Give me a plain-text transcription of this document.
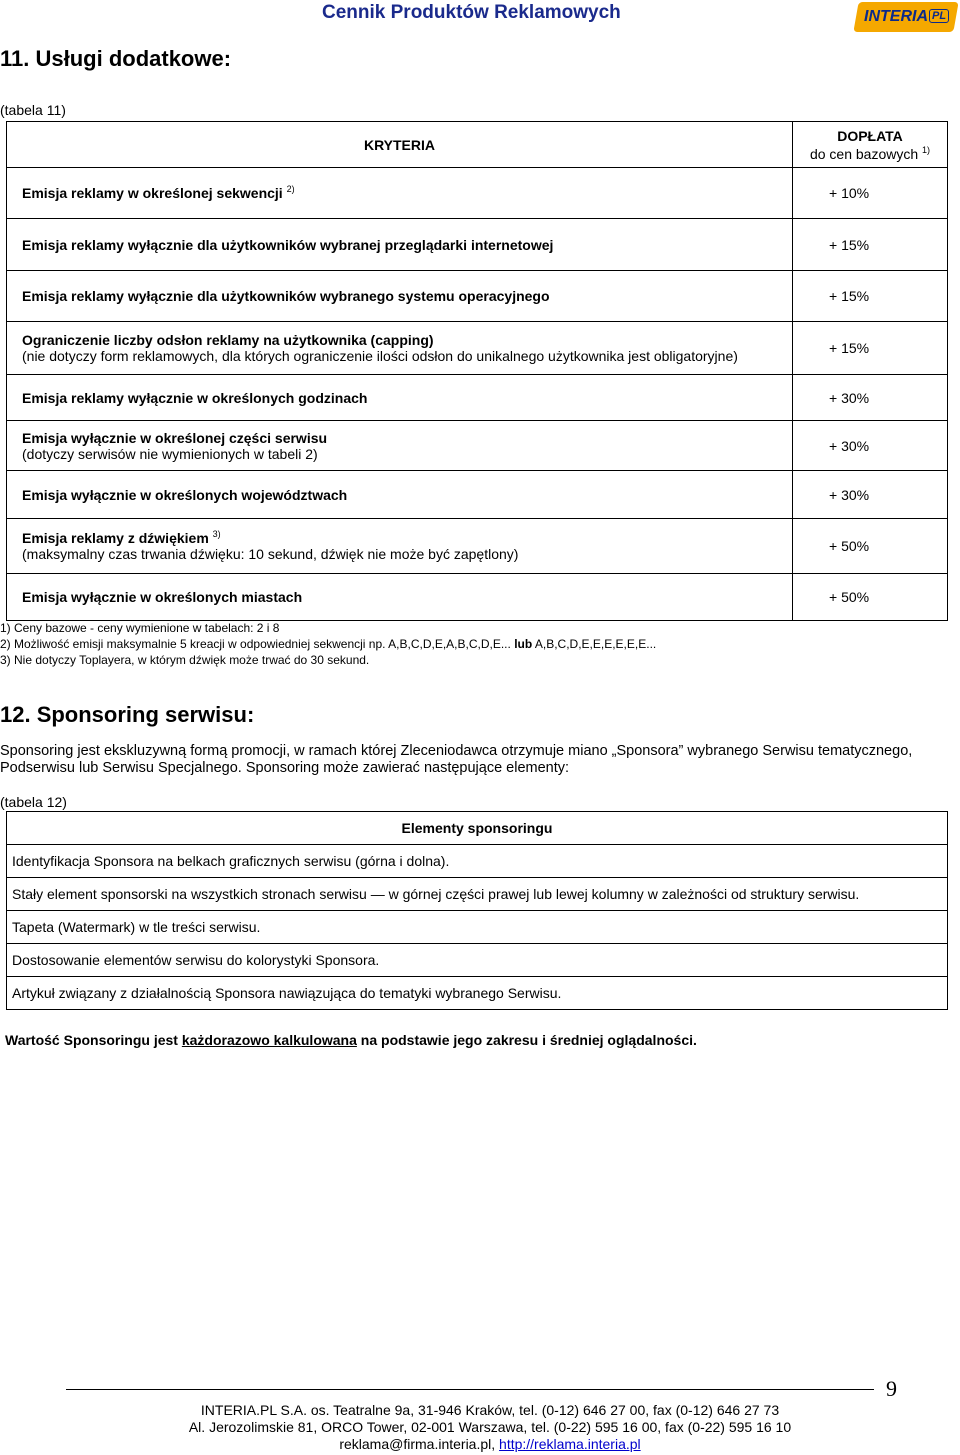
Cennik Produktów Reklamowych	INTERIA PL
11. Usługi dodatkowe:
(tabela 11)
KRYTERIA	DOPŁATA
do cen bazowych $^{1)}$

Emisja reklamy w określonej sekwencji $^{2)}$	+ 10%
Emisja reklamy wyłącznie dla użytkowników wybranej przeglądarki internetowej	+ 15%
Emisja reklamy wyłącznie dla użytkowników wybranego systemu operacyjnego	+ 15%

Ograniczenie liczby odsłon reklamy na użytkownika (capping)
(nie dotyczy form reklamowych, dla których ograniczenie ilości odsłon do unikalnego użytkownika jest obligatoryjne)	+ 15%
Emisja reklamy wyłącznie w określonych godzinach	+ 30%

Emisja wyłącznie w określonej części serwisu
(dotyczy serwisów nie wymienionych w tabeli 2)	+ 30%
Emisja wyłącznie w określonych województwach	+ 30%

Emisja reklamy z dźwiękiem $^{3)}$
(maksymalny czas trwania dźwięku: 10 sekund, dźwięk nie może być zapętlony)	+ 50%
Emisja wyłącznie w określonych miastach	+ 50%
1) Ceny bazowe - ceny wymienione w tabelach: 2 i 8
2) Możliwość emisji maksymalnie 5 kreacji w odpowiedniej sekwencji np. A,B,C,D,E,A,B,C,D,E... lub A,B,C,D,E,E,E,E,E,E...
3) Nie dotyczy Toplayera, w którym dźwięk może trwać do 30 sekund.
12. Sponsoring serwisu:
Sponsoring jest ekskluzywną formą promocji, w ramach której Zleceniodawca otrzymuje miano „Sponsora” wybranego Serwisu tematycznego, Podserwisu lub Serwisu Specjalnego. Sponsoring może zawierać następujące elementy:
(tabela 12)
Elementy sponsoringu
Identyfikacja Sponsora na belkach graficznych serwisu (górna i dolna).
Stały element sponsorski na wszystkich stronach serwisu — w górnej części prawej lub lewej kolumny w zależności od struktury serwisu.
Tapeta (Watermark) w tle treści serwisu.
Dostosowanie elementów serwisu do kolorystyki Sponsora.
Artykuł związany z działalnością Sponsora nawiązująca do tematyki wybranego Serwisu.
Wartość Sponsoringu jest każdorazowo kalkulowana na podstawie jego zakresu i średniej oglądalności.
9
INTERIA.PL S.A. os. Teatralne 9a, 31-946 Kraków, tel. (0-12) 646 27 00, fax (0-12) 646 27 73
Al. Jerozolimskie 81, ORCO Tower, 02-001 Warszawa, tel. (0-22) 595 16 00, fax (0-22) 595 16 10
reklama@firma.interia.pl, http://reklama.interia.pl
